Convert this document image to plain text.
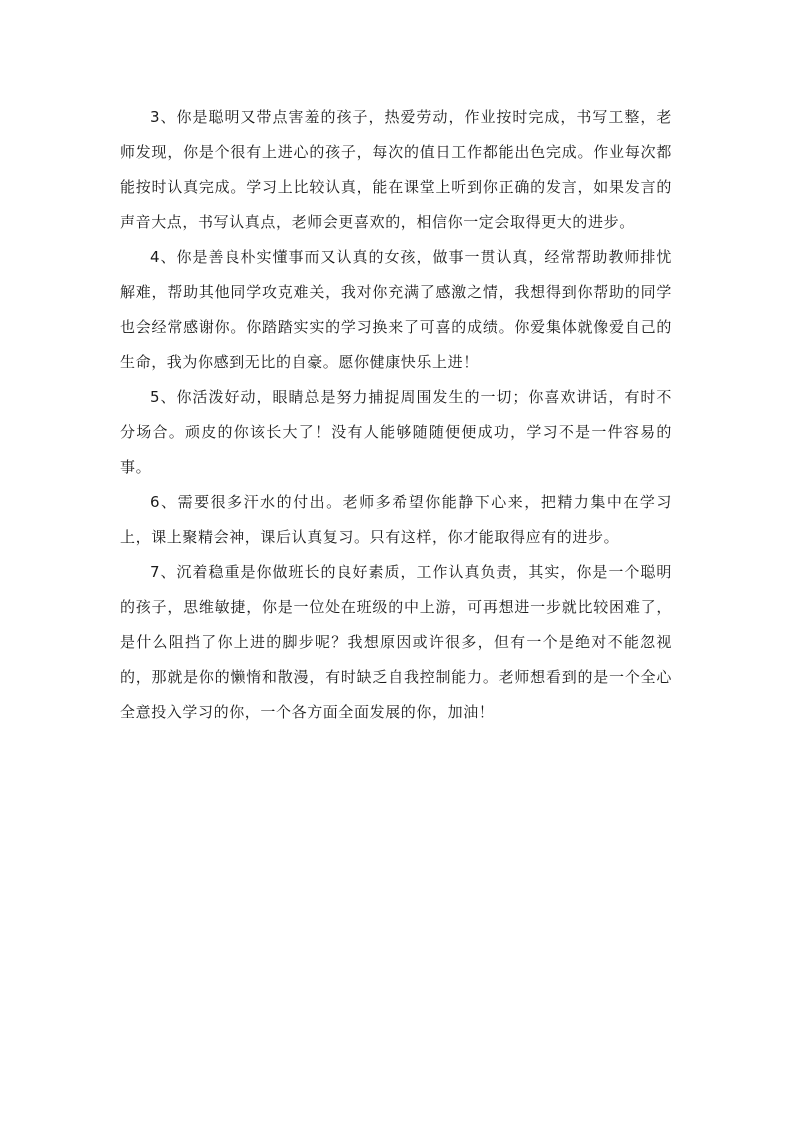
3、你是聪明又带点害羞的孩子，热爱劳动，作业按时完成，书写工整，老师发现，你是个很有上进心的孩子，每次的值日工作都能出色完成。作业每次都能按时认真完成。学习上比较认真，能在课堂上听到你正确的发言，如果发言的声音大点，书写认真点，老师会更喜欢的，相信你一定会取得更大的进步。

4、你是善良朴实懂事而又认真的女孩，做事一贯认真，经常帮助教师排忧解难，帮助其他同学攻克难关，我对你充满了感激之情，我想得到你帮助的同学也会经常感谢你。你踏踏实实的学习换来了可喜的成绩。你爱集体就像爱自己的生命，我为你感到无比的自豪。愿你健康快乐上进！

5、你活泼好动，眼睛总是努力捕捉周围发生的一切；你喜欢讲话，有时不分场合。顽皮的你该长大了！没有人能够随随便便成功，学习不是一件容易的事。

6、需要很多汗水的付出。老师多希望你能静下心来，把精力集中在学习上，课上聚精会神，课后认真复习。只有这样，你才能取得应有的进步。

7、沉着稳重是你做班长的良好素质，工作认真负责，其实，你是一个聪明的孩子，思维敏捷，你是一位处在班级的中上游，可再想进一步就比较困难了，是什么阻挡了你上进的脚步呢？我想原因或许很多，但有一个是绝对不能忽视的，那就是你的懒惰和散漫，有时缺乏自我控制能力。老师想看到的是一个全心全意投入学习的你，一个各方面全面发展的你，加油！
